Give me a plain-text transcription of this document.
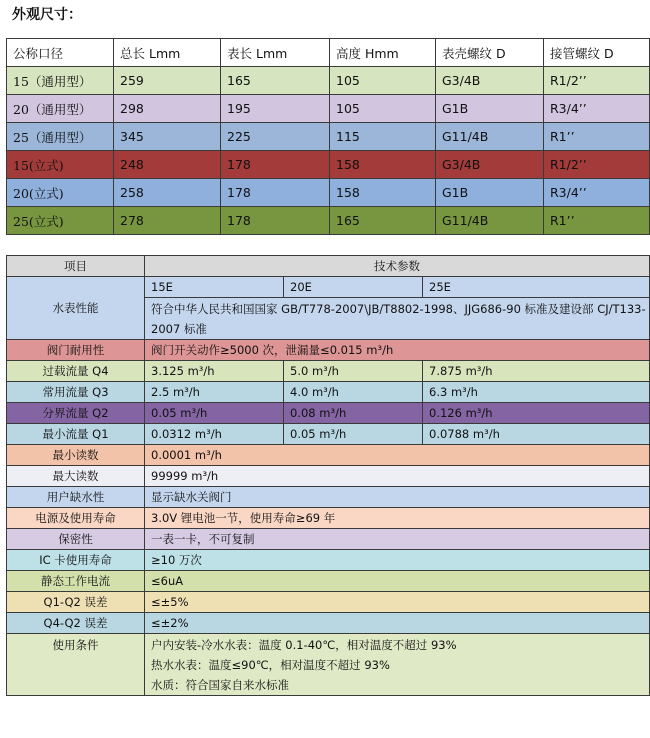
外观尺寸：
公称口径	总长 Lmm	表长 Lmm	高度 Hmm	表壳螺纹 D	接管螺纹 D
15（通用型）	259	165	105	G3/4B	R1/2’’
20（通用型）	298	195	105	G1B	R3/4’’
25（通用型）	345	225	115	G11/4B	R1’’
15(立式)	248	178	158	G3/4B	R1/2’’
20(立式)	258	178	158	G1B	R3/4’’
25(立式)	278	178	165	G11/4B	R1’’
项目	技术参数		
水表性能	15E	20E	25E
	符合中华人民共和国国家 GB/T778-2007\JB/T8802-1998、JJG686-90 标准及建设部 CJ/T133-2007 标准		
阀门耐用性	阀门开关动作≥5000 次，泄漏量≤0.015 m³/h		
过载流量 Q4	3.125 m³/h	5.0 m³/h	7.875 m³/h
常用流量 Q3	2.5 m³/h	4.0 m³/h	6.3 m³/h
分界流量 Q2	0.05 m³/h	0.08 m³/h	0.126 m³/h
最小流量 Q1	0.0312 m³/h	0.05 m³/h	0.0788 m³/h
最小读数	0.0001 m³/h		
最大读数	99999 m³/h		
用户缺水性	显示缺水关阀门		
电源及使用寿命	3.0V 锂电池一节，使用寿命≥69 年		
保密性	一表一卡，不可复制		
IC 卡使用寿命	≥10 万次		
静态工作电流	≤6uA		
Q1-Q2 误差	≤±5%		
Q4-Q2 误差	≤±2%		
使用条件	户内安装-冷水水表：温度 0.1-40℃，相对温度不超过 93%
热水水表：温度≤90℃，相对温度不超过 93%
水质：符合国家自来水标准		
